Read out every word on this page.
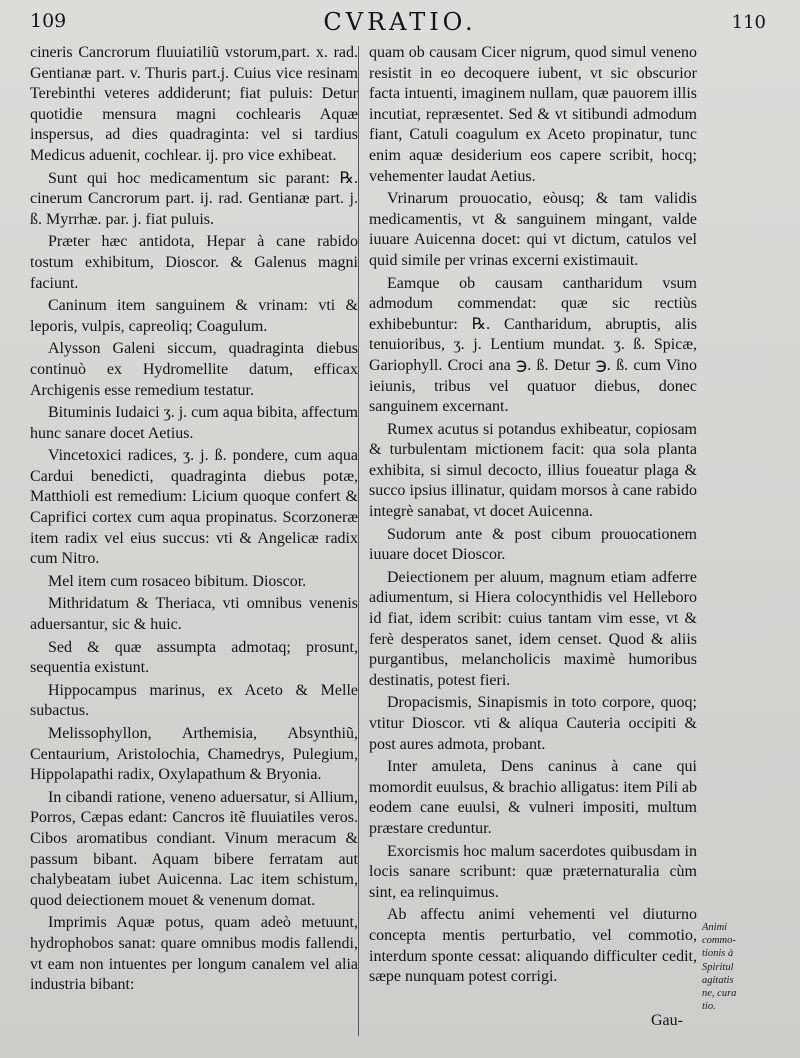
109	CVRATIO.	110

cineris Cancrorum fluuiatiliũ vstorum,part. x. rad. Gentianæ part. v. Thuris part.j. Cuius vice resinam Terebinthi veteres addiderunt; fiat puluis: Detur quotidie mensura magni cochlearis Aquæ inspersus, ad dies quadraginta: vel si tardius Medicus aduenit, cochlear. ij. pro vice exhibeat.

Sunt qui hoc medicamentum sic parant: ℞. cinerum Cancrorum part. ij. rad. Gentianæ part. j. ß. Myrrhæ. par. j. fiat puluis.

Præter hæc antidota, Hepar à cane rabido tostum exhibitum, Dioscor. & Galenus magni faciunt.

Caninum item sanguinem & vrinam: vti & leporis, vulpis, capreoliq; Coagulum.

Alysson Galeni siccum, quadraginta diebus continuò ex Hydromellite datum, efficax Archigenis esse remedium testatur.

Bituminis Iudaici ʒ. j. cum aqua bibita, affectum hunc sanare docet Aetius.

Vincetoxici radices, ʒ. j. ß. pondere, cum aqua Cardui benedicti, quadraginta diebus potæ, Matthioli est remedium: Licium quoque confert & Caprifici cortex cum aqua propinatus. Scorzoneræ item radix vel eius succus: vti & Angelicæ radix cum Nitro.

Mel item cum rosaceo bibitum. Dioscor.

Mithridatum & Theriaca, vti omnibus venenis aduersantur, sic & huic.

Sed & quæ assumpta admotaq; prosunt, sequentia existunt.

Hippocampus marinus, ex Aceto & Melle subactus.

Melissophyllon, Arthemisia, Absynthiũ, Centaurium, Aristolochia, Chamedrys, Pulegium, Hippolapathi radix, Oxylapathum & Bryonia.

In cibandi ratione, veneno aduersatur, si Allium, Porros, Cæpas edant: Cancros itẽ fluuiatiles veros. Cibos aromatibus condiant. Vinum meracum & passum bibant. Aquam bibere ferratam aut chalybeatam iubet Auicenna. Lac item schistum, quod deiectionem mouet & venenum domat.

Imprimis Aquæ potus, quam adeò metuunt, hydrophobos sanat: quare omnibus modis fallendi, vt eam non intuentes per longum canalem vel alia industria bibant:

quam ob causam Cicer nigrum, quod simul veneno resistit in eo decoquere iubent, vt sic obscurior facta intuenti, imaginem nullam, quæ pauorem illis incutiat, repræsentet. Sed & vt sitibundi admodum fiant, Catuli coagulum ex Aceto propinatur, tunc enim aquæ desiderium eos capere scribit, hocq; vehementer laudat Aetius.

Vrinarum prouocatio, eòusq; & tam validis medicamentis, vt & sanguinem mingant, valde iuuare Auicenna docet: qui vt dictum, catulos vel quid simile per vrinas excerni existimauit.

Eamque ob causam cantharidum vsum admodum commendat: quæ sic rectiùs exhibebuntur: ℞. Cantharidum, abruptis, alis tenuioribus, ʒ. j. Lentium mundat. ʒ. ß. Spicæ, Gariophyll. Croci ana ℈. ß. Detur ℈. ß. cum Vino ieiunis, tribus vel quatuor diebus, donec sanguinem excernant.

Rumex acutus si potandus exhibeatur, copiosam & turbulentam mictionem facit: qua sola planta exhibita, si simul decocto, illius foueatur plaga & succo ipsius illinatur, quidam morsos à cane rabido integrè sanabat, vt docet Auicenna.

Sudorum ante & post cibum prouocationem iuuare docet Dioscor.

Deiectionem per aluum, magnum etiam adferre adiumentum, si Hiera colocynthidis vel Helleboro id fiat, idem scribit: cuius tantam vim esse, vt & ferè desperatos sanet, idem censet. Quod & aliis purgantibus, melancholicis maximè humoribus destinatis, potest fieri.

Dropacismis, Sinapismis in toto corpore, quoq; vtitur Dioscor. vti & aliqua Cauteria occipiti & post aures admota, probant.

Inter amuleta, Dens caninus à cane qui momordit euulsus, & brachio alligatus: item Pili ab eodem cane euulsi, & vulneri impositi, multum præstare creduntur.

Exorcismis hoc malum sacerdotes quibusdam in locis sanare scribunt: quæ præternaturalia cùm sint, ea relinquimus.

Ab affectu animi vehementi vel diuturno concepta mentis perturbatio, vel commotio, interdum sponte cessat: aliquando difficulter cedit, sæpe nunquam potest corrigi.

Animi
commo-
tionis à
Spiritul
agitatis
ne, cura
tio.
Gau-
